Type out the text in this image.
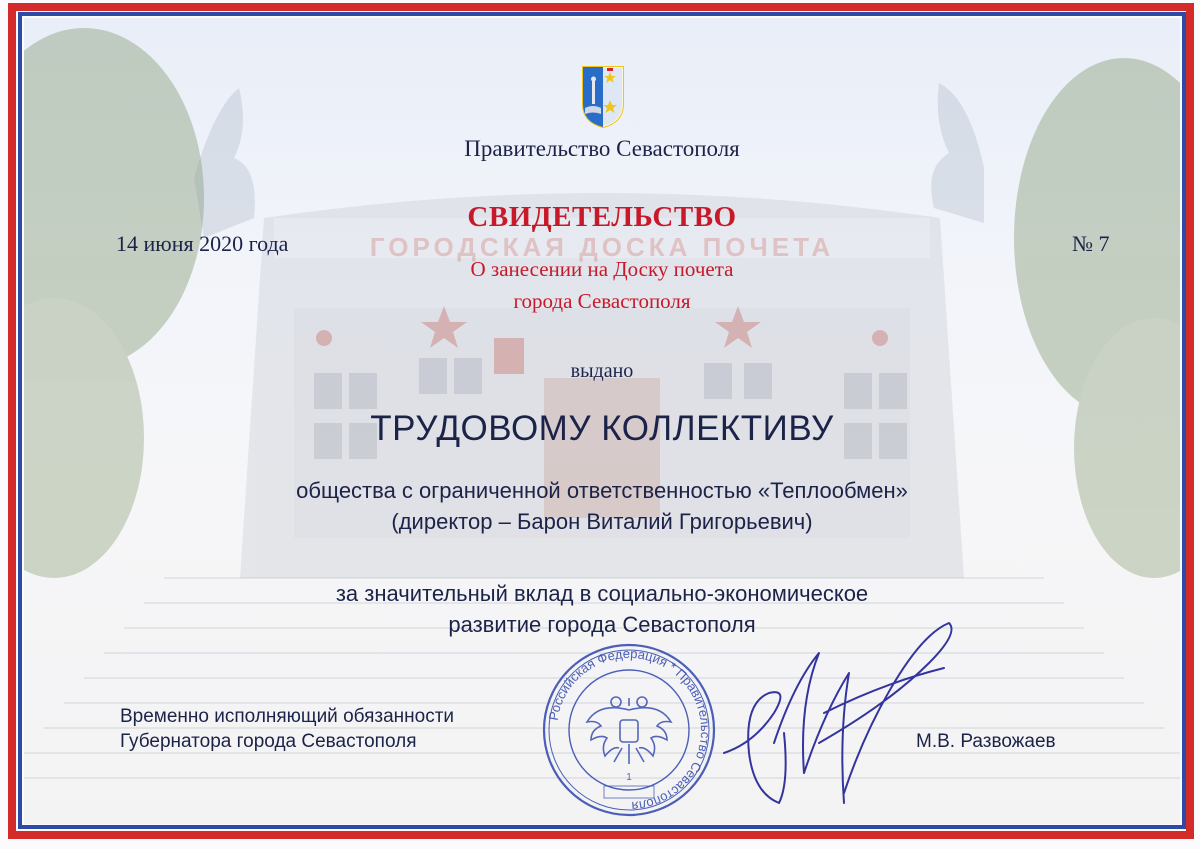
ГОРОДСКАЯ ДОСКА ПОЧЕТА
Правительство Севастополя
СВИДЕТЕЛЬСТВО
14 июня 2020 года	№ 7
О занесении на Доску почета
города Севастополя
выдано
ТРУДОВОМУ КОЛЛЕКТИВУ
общества с ограниченной ответственностью «Теплообмен»
(директор – Барон Виталий Григорьевич)
за значительный вклад в социально-экономическое
развитие города Севастополя
Временно исполняющий обязанности
Губернатора города Севастополя	М.В. Развожаев
Российская Федерация * Правительство Севастополя
1
